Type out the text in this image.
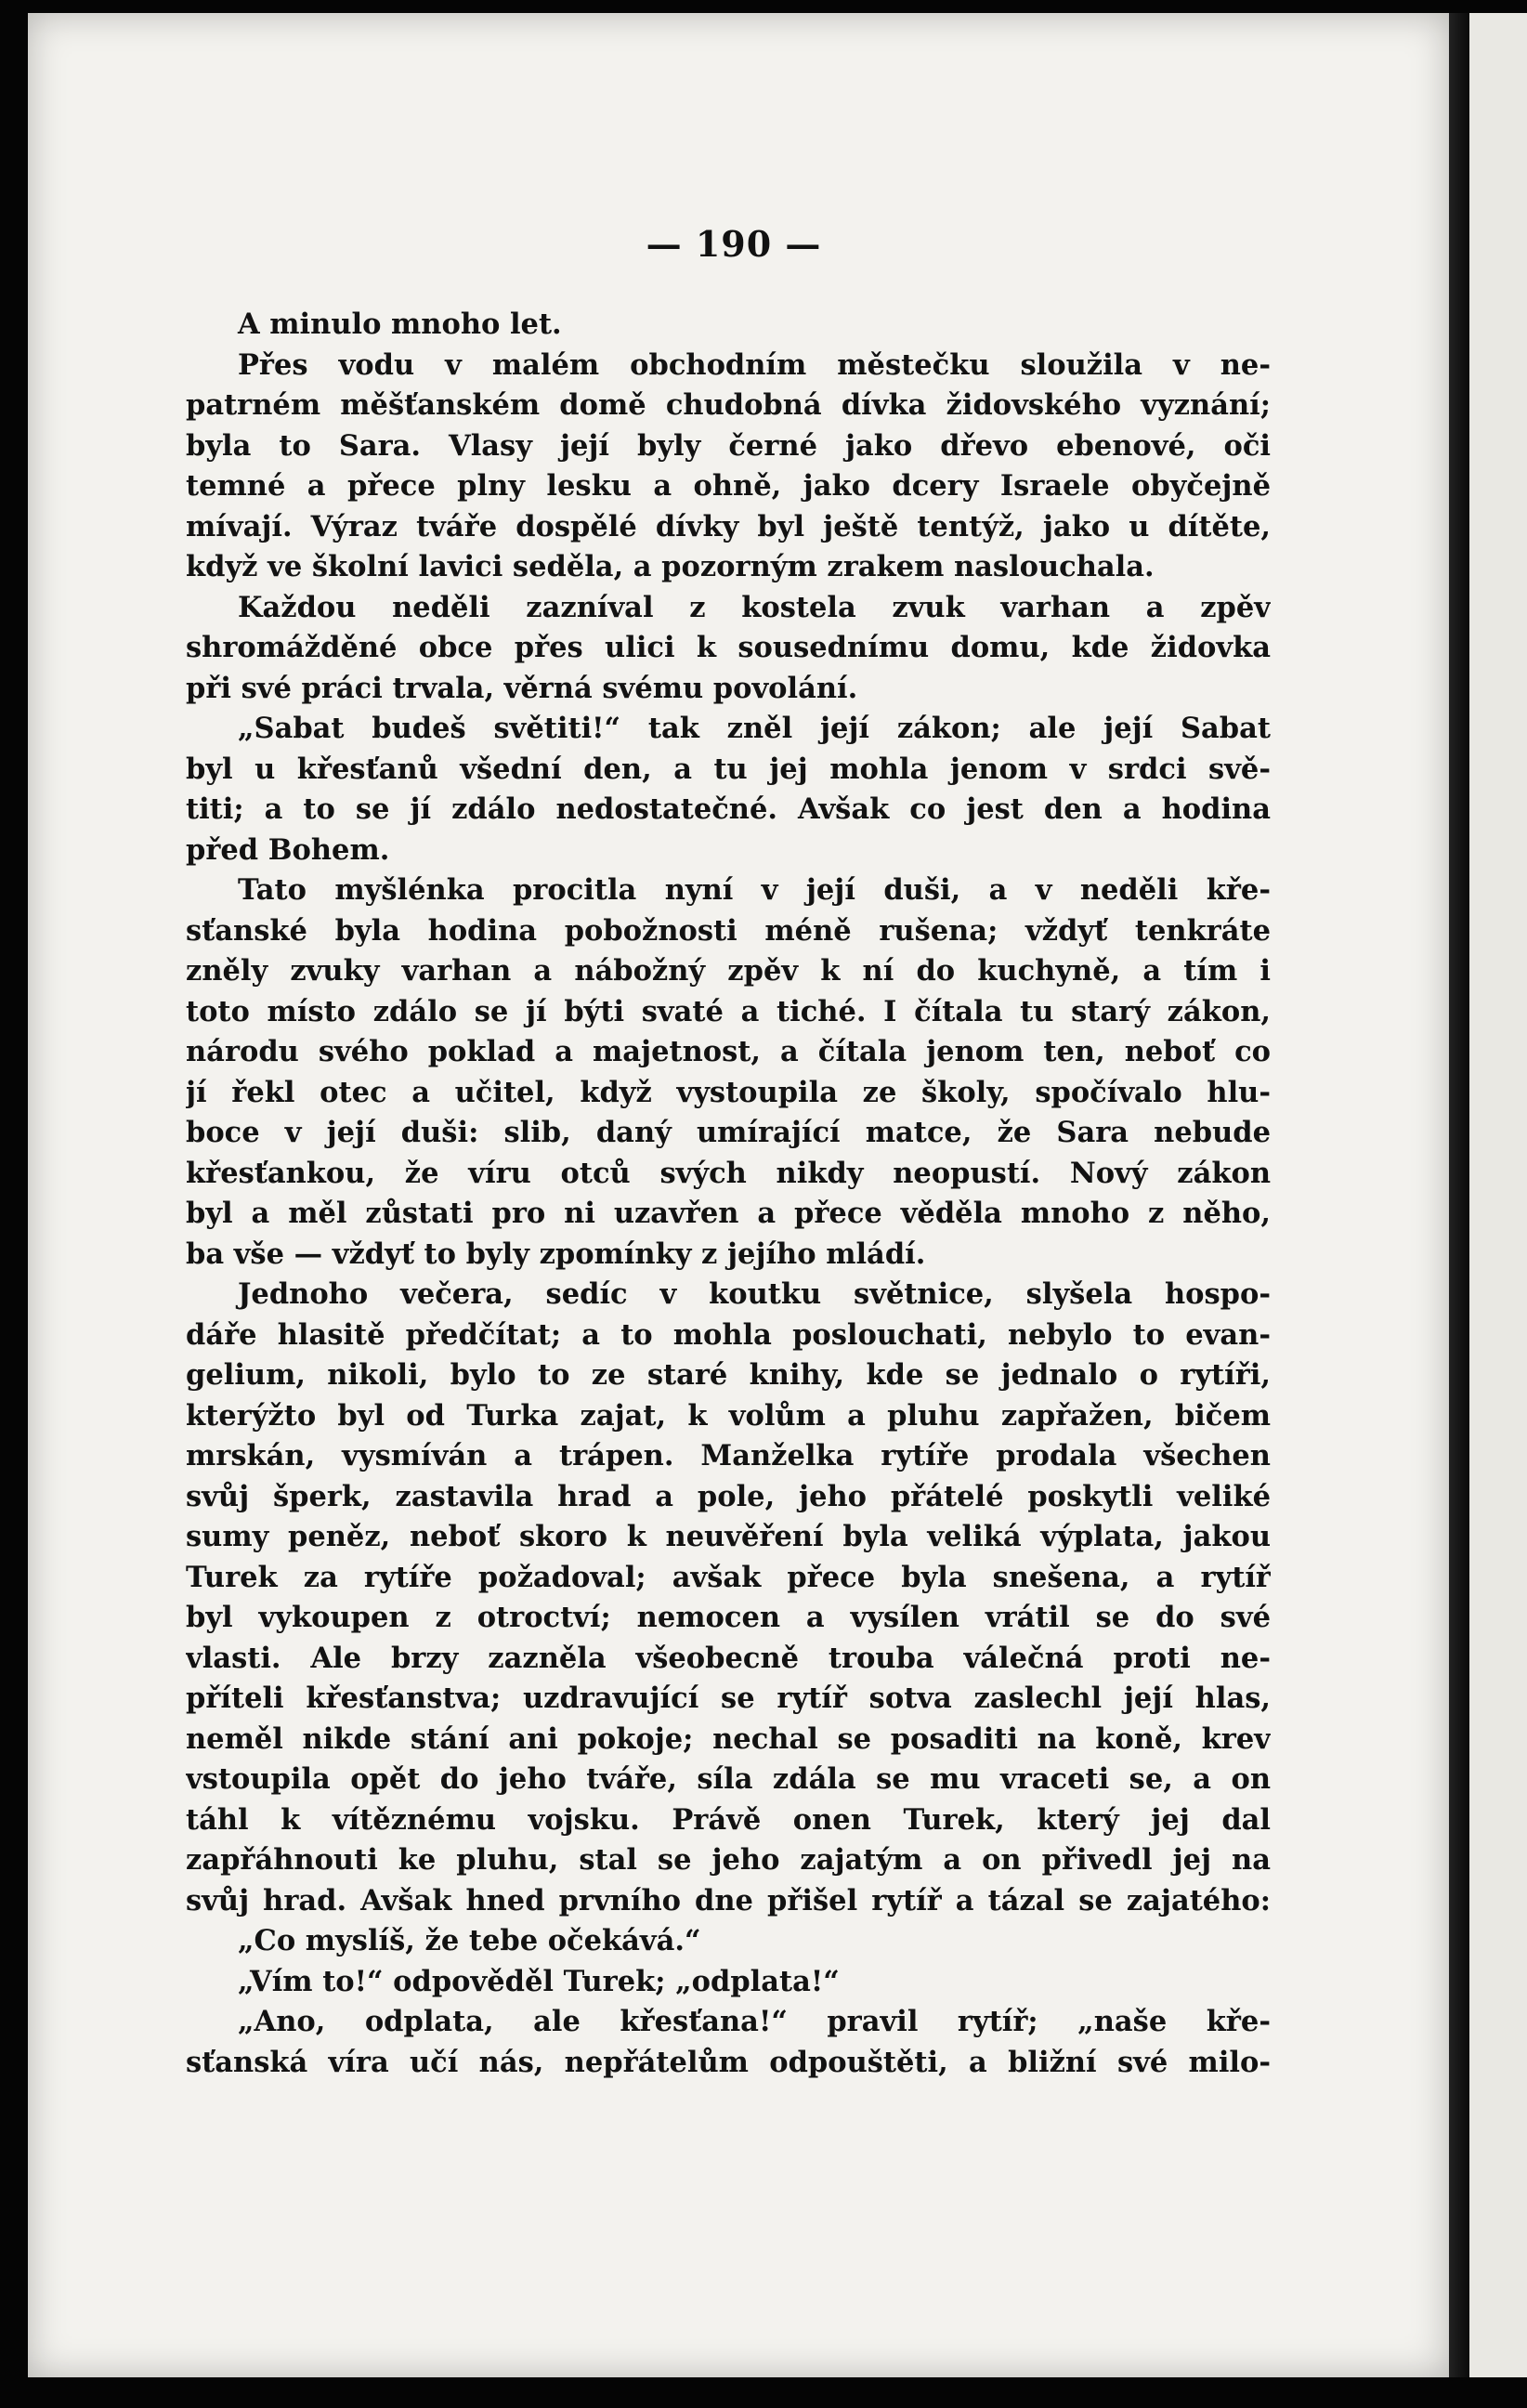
— 190 —
A minulo mnoho let.
Přes vodu v malém obchodním městečku sloužila v ne-
patrném měšťanském domě chudobná dívka židovského vyznání;
byla to Sara. Vlasy její byly černé jako dřevo ebenové, oči
temné a přece plny lesku a ohně, jako dcery Israele obyčejně
mívají. Výraz tváře dospělé dívky byl ještě tentýž, jako u dítěte,
když ve školní lavici seděla, a pozorným zrakem naslouchala.
Každou neděli zazníval z kostela zvuk varhan a zpěv
shromážděné obce přes ulici k sousednímu domu, kde židovka
při své práci trvala, věrná svému povolání.
„Sabat budeš světiti!“ tak zněl její zákon; ale její Sabat
byl u křesťanů všední den, a tu jej mohla jenom v srdci svě-
titi; a to se jí zdálo nedostatečné. Avšak co jest den a hodina
před Bohem.
Tato myšlénka procitla nyní v její duši, a v neděli kře-
sťanské byla hodina pobožnosti méně rušena; vždyť tenkráte
zněly zvuky varhan a nábožný zpěv k ní do kuchyně, a tím i
toto místo zdálo se jí býti svaté a tiché. I čítala tu starý zákon,
národu svého poklad a majetnost, a čítala jenom ten, neboť co
jí řekl otec a učitel, když vystoupila ze školy, spočívalo hlu-
boce v její duši: slib, daný umírající matce, že Sara nebude
křesťankou, že víru otců svých nikdy neopustí. Nový zákon
byl a měl zůstati pro ni uzavřen a přece věděla mnoho z něho,
ba vše — vždyť to byly zpomínky z jejího mládí.
Jednoho večera, sedíc v koutku světnice, slyšela hospo-
dáře hlasitě předčítat; a to mohla poslouchati, nebylo to evan-
gelium, nikoli, bylo to ze staré knihy, kde se jednalo o rytíři,
kterýžto byl od Turka zajat, k volům a pluhu zapřažen, bičem
mrskán, vysmíván a trápen. Manželka rytíře prodala všechen
svůj šperk, zastavila hrad a pole, jeho přátelé poskytli veliké
sumy peněz, neboť skoro k neuvěření byla veliká výplata, jakou
Turek za rytíře požadoval; avšak přece byla snešena, a rytíř
byl vykoupen z otroctví; nemocen a vysílen vrátil se do své
vlasti. Ale brzy zazněla všeobecně trouba válečná proti ne-
příteli křesťanstva; uzdravující se rytíř sotva zaslechl její hlas,
neměl nikde stání ani pokoje; nechal se posaditi na koně, krev
vstoupila opět do jeho tváře, síla zdála se mu vraceti se, a on
táhl k vítěznému vojsku. Právě onen Turek, který jej dal
zapřáhnouti ke pluhu, stal se jeho zajatým a on přivedl jej na
svůj hrad. Avšak hned prvního dne přišel rytíř a tázal se zajatého:
„Co myslíš, že tebe očekává.“
„Vím to!“ odpověděl Turek; „odplata!“
„Ano, odplata, ale křesťana!“ pravil rytíř; „naše kře-
sťanská víra učí nás, nepřátelům odpouštěti, a bližní své milo-
